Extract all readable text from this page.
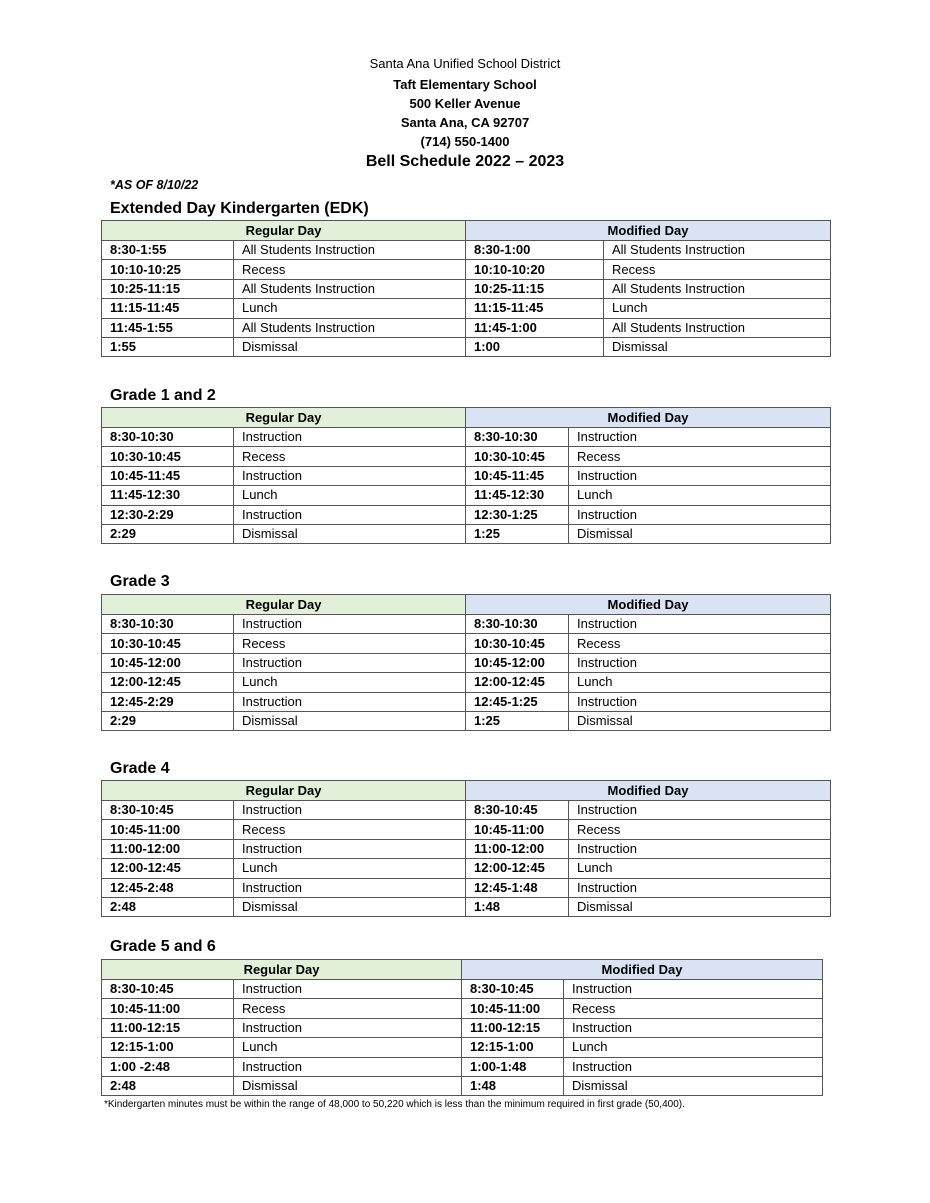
Santa Ana Unified School District
Taft Elementary School
500 Keller Avenue
Santa Ana, CA 92707
(714) 550-1400
Bell Schedule 2022 – 2023
*AS OF 8/10/22
Extended Day Kindergarten (EDK)
Grade 1 and 2
Grade 3
Grade 4
Grade 5 and 6
Regular Day		Modified Day	
8:30-1:55	All Students Instruction	8:30-1:00	All Students Instruction
10:10-10:25	Recess	10:10-10:20	Recess
10:25-11:15	All Students Instruction	10:25-11:15	All Students Instruction
11:15-11:45	Lunch	11:15-11:45	Lunch
11:45-1:55	All Students Instruction	11:45-1:00	All Students Instruction
1:55	Dismissal	1:00	Dismissal
Regular Day		Modified Day	
8:30-10:30	Instruction	8:30-10:30	Instruction
10:30-10:45	Recess	10:30-10:45	Recess
10:45-11:45	Instruction	10:45-11:45	Instruction
11:45-12:30	Lunch	11:45-12:30	Lunch
12:30-2:29	Instruction	12:30-1:25	Instruction
2:29	Dismissal	1:25	Dismissal
Regular Day		Modified Day	
8:30-10:30	Instruction	8:30-10:30	Instruction
10:30-10:45	Recess	10:30-10:45	Recess
10:45-12:00	Instruction	10:45-12:00	Instruction
12:00-12:45	Lunch	12:00-12:45	Lunch
12:45-2:29	Instruction	12:45-1:25	Instruction
2:29	Dismissal	1:25	Dismissal
Regular Day		Modified Day	
8:30-10:45	Instruction	8:30-10:45	Instruction
10:45-11:00	Recess	10:45-11:00	Recess
11:00-12:00	Instruction	11:00-12:00	Instruction
12:00-12:45	Lunch	12:00-12:45	Lunch
12:45-2:48	Instruction	12:45-1:48	Instruction
2:48	Dismissal	1:48	Dismissal
Regular Day		Modified Day	
8:30-10:45	Instruction	8:30-10:45	Instruction
10:45-11:00	Recess	10:45-11:00	Recess
11:00-12:15	Instruction	11:00-12:15	Instruction
12:15-1:00	Lunch	12:15-1:00	Lunch
1:00 -2:48	Instruction	1:00-1:48	Instruction
2:48	Dismissal	1:48	Dismissal
*Kindergarten minutes must be within the range of 48,000 to 50,220 which is less than the minimum required in first grade (50,400).
